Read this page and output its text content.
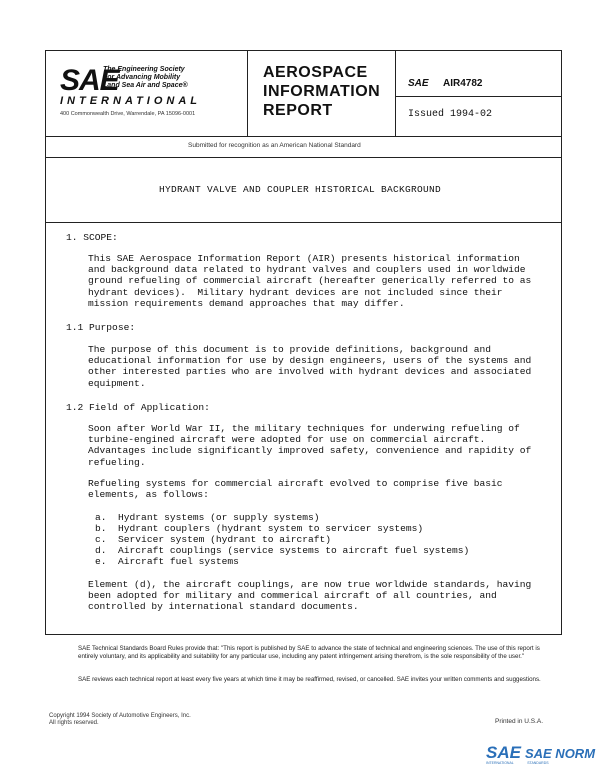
SAE
The Engineering Society
For Advancing Mobility
Land Sea Air and Space®
INTERNATIONAL
400 Commonwealth Drive, Warrendale, PA 15096-0001
AEROSPACE
INFORMATION
REPORT
SAE AIR4782
Issued 1994-02
Submitted for recognition as an American National Standard
HYDRANT VALVE AND COUPLER HISTORICAL BACKGROUND
1. SCOPE:
This SAE Aerospace Information Report (AIR) presents historical information
and background data related to hydrant valves and couplers used in worldwide
ground refueling of commercial aircraft (hereafter generically referred to as
hydrant devices).  Military hydrant devices are not included since their
mission requirements demand approaches that may differ.
1.1 Purpose:
The purpose of this document is to provide definitions, background and
educational information for use by design engineers, users of the systems and
other interested parties who are involved with hydrant devices and associated
equipment.
1.2 Field of Application:
Soon after World War II, the military techniques for underwing refueling of
turbine-engined aircraft were adopted for use on commercial aircraft.
Advantages include significantly improved safety, convenience and rapidity of
refueling.
Refueling systems for commercial aircraft evolved to comprise five basic
elements, as follows:
a.  Hydrant systems (or supply systems)
b.  Hydrant couplers (hydrant system to servicer systems)
c.  Servicer system (hydrant to aircraft)
d.  Aircraft couplings (service systems to aircraft fuel systems)
e.  Aircraft fuel systems
Element (d), the aircraft couplings, are now true worldwide standards, having
been adopted for military and commerical aircraft of all countries, and
controlled by international standard documents.
SAE Technical Standards Board Rules provide that: "This report is published by SAE to advance the state of technical and engineering sciences. The use of this report is entirely voluntary, and its applicability and suitability for any particular use, including any patent infringement arising therefrom, is the sole responsibility of the user."
SAE reviews each technical report at least every five years at which time it may be reaffirmed, revised, or cancelled. SAE invites your written comments and suggestions.
Copyright 1994 Society of Automotive Engineers, Inc.
All rights reserved.	Printed in U.S.A.
SAE SAE NORM
INTERNATIONAL              STANDARDS
